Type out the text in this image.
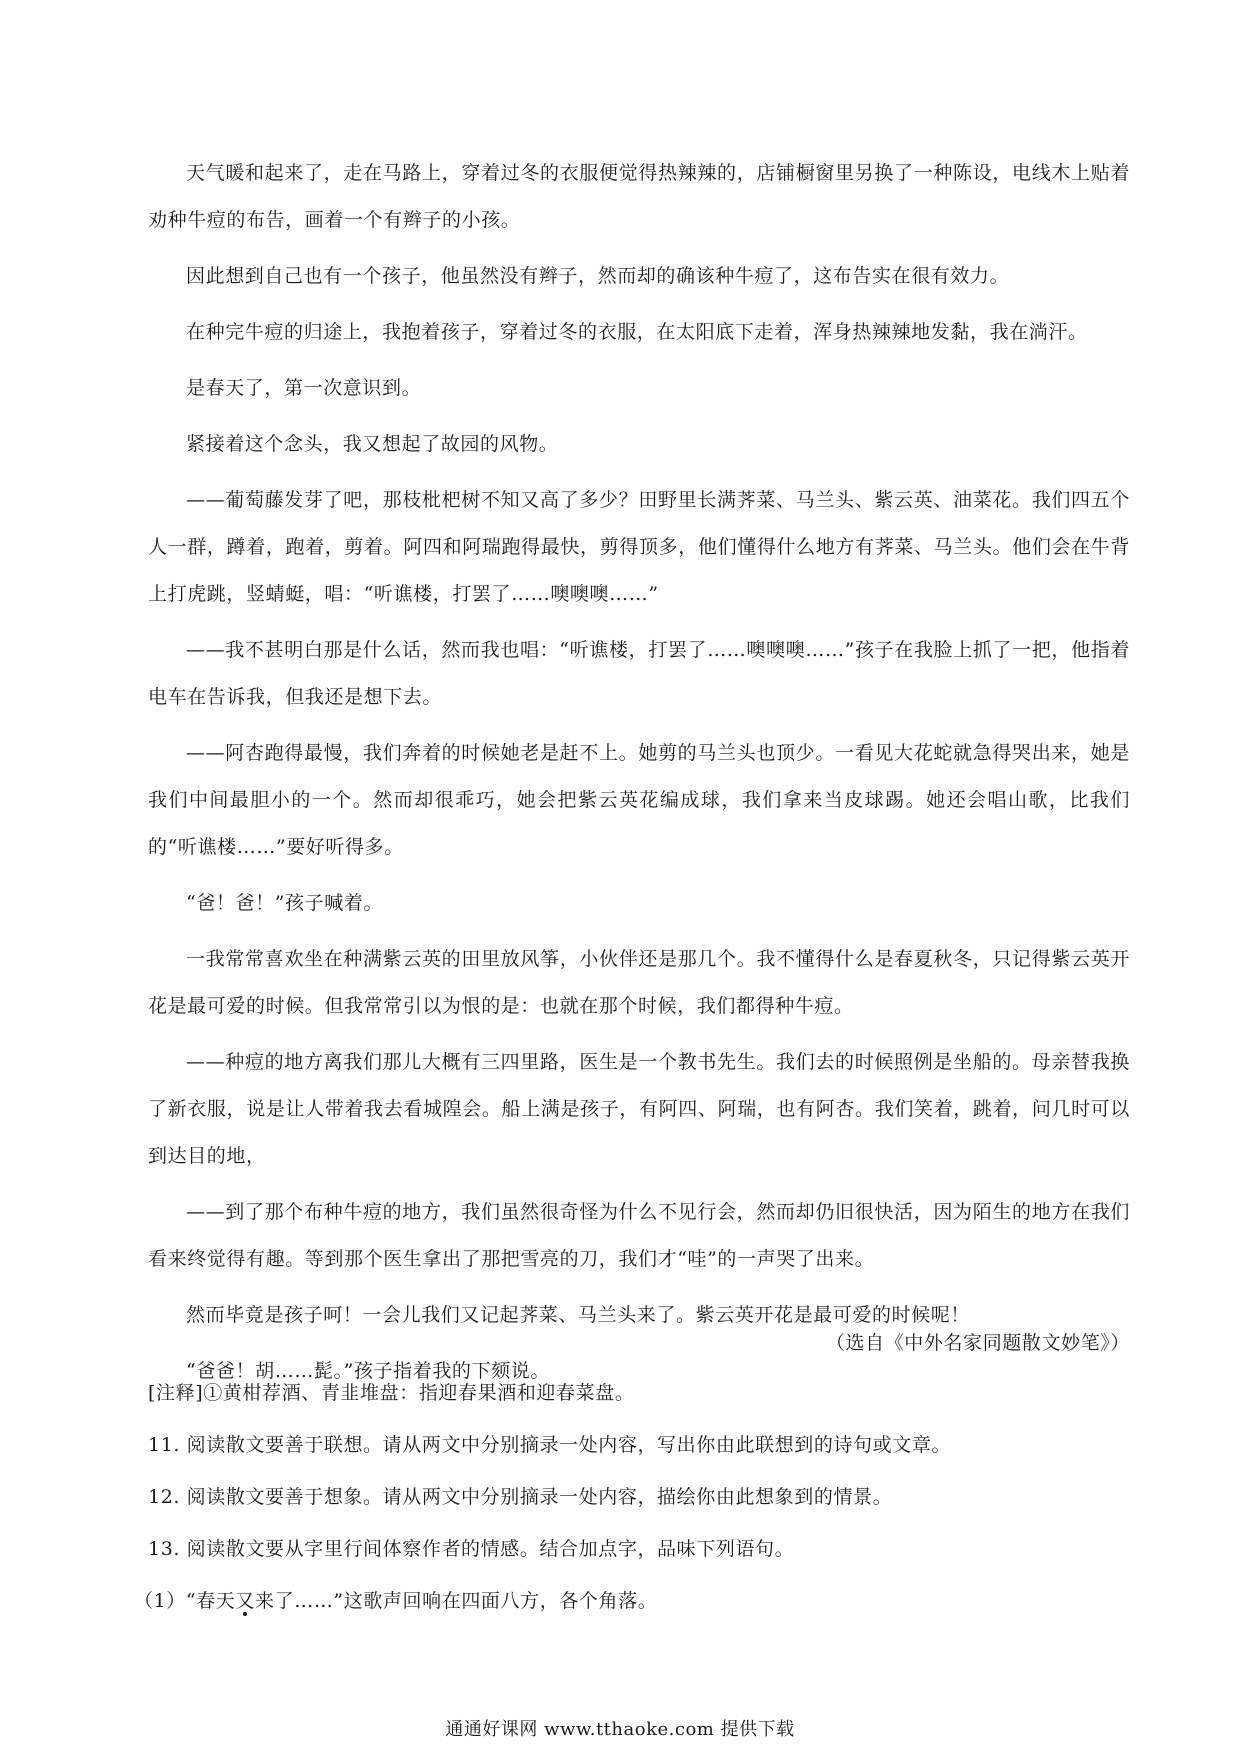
天气暖和起来了，走在马路上，穿着过冬的衣服便觉得热辣辣的，店铺橱窗里另换了一种陈设，电线木上贴着劝种牛痘的布告，画着一个有辫子的小孩。

因此想到自己也有一个孩子，他虽然没有辫子，然而却的确该种牛痘了，这布告实在很有效力。

在种完牛痘的归途上，我抱着孩子，穿着过冬的衣服，在太阳底下走着，浑身热辣辣地发黏，我在淌汗。

是春天了，第一次意识到。

紧接着这个念头，我又想起了故园的风物。

——葡萄藤发芽了吧，那枝枇杷树不知又高了多少？田野里长满荠菜、马兰头、紫云英、油菜花。我们四五个人一群，蹲着，跑着，剪着。阿四和阿瑞跑得最快，剪得顶多，他们懂得什么地方有荠菜、马兰头。他们会在牛背上打虎跳，竖蜻蜓，唱：“听谯楼，打罢了……噢噢噢……”

——我不甚明白那是什么话，然而我也唱：“听谯楼，打罢了……噢噢噢……”孩子在我脸上抓了一把，他指着电车在告诉我，但我还是想下去。

——阿杏跑得最慢，我们奔着的时候她老是赶不上。她剪的马兰头也顶少。一看见大花蛇就急得哭出来，她是我们中间最胆小的一个。然而却很乖巧，她会把紫云英花编成球，我们拿来当皮球踢。她还会唱山歌，比我们的“听谯楼……”要好听得多。

“爸！爸！”孩子喊着。

一我常常喜欢坐在种满紫云英的田里放风筝，小伙伴还是那几个。我不懂得什么是春夏秋冬，只记得紫云英开花是最可爱的时候。但我常常引以为恨的是：也就在那个时候，我们都得种牛痘。

——种痘的地方离我们那儿大概有三四里路，医生是一个教书先生。我们去的时候照例是坐船的。母亲替我换了新衣服，说是让人带着我去看城隍会。船上满是孩子，有阿四、阿瑞，也有阿杏。我们笑着，跳着，问几时可以到达目的地，

——到了那个布种牛痘的地方，我们虽然很奇怪为什么不见行会，然而却仍旧很快活，因为陌生的地方在我们看来终觉得有趣。等到那个医生拿出了那把雪亮的刀，我们才“哇”的一声哭了出来。

然而毕竟是孩子呵！一会儿我们又记起荠菜、马兰头来了。紫云英开花是最可爱的时候呢！

“爸爸！胡……髭。”孩子指着我的下颏说。

（选自《中外名家同题散文妙笔》）

[注释]①黄柑荐酒、青韭堆盘：指迎春果酒和迎春菜盘。

11. 阅读散文要善于联想。请从两文中分别摘录一处内容，写出你由此联想到的诗句或文章。

12. 阅读散文要善于想象。请从两文中分别摘录一处内容，描绘你由此想象到的情景。

13. 阅读散文要从字里行间体察作者的情感。结合加点字，品味下列语句。

（1）“春天又来了……”这歌声回响在四面八方，各个角落。

通通好课网 www.tthaoke.com 提供下载
